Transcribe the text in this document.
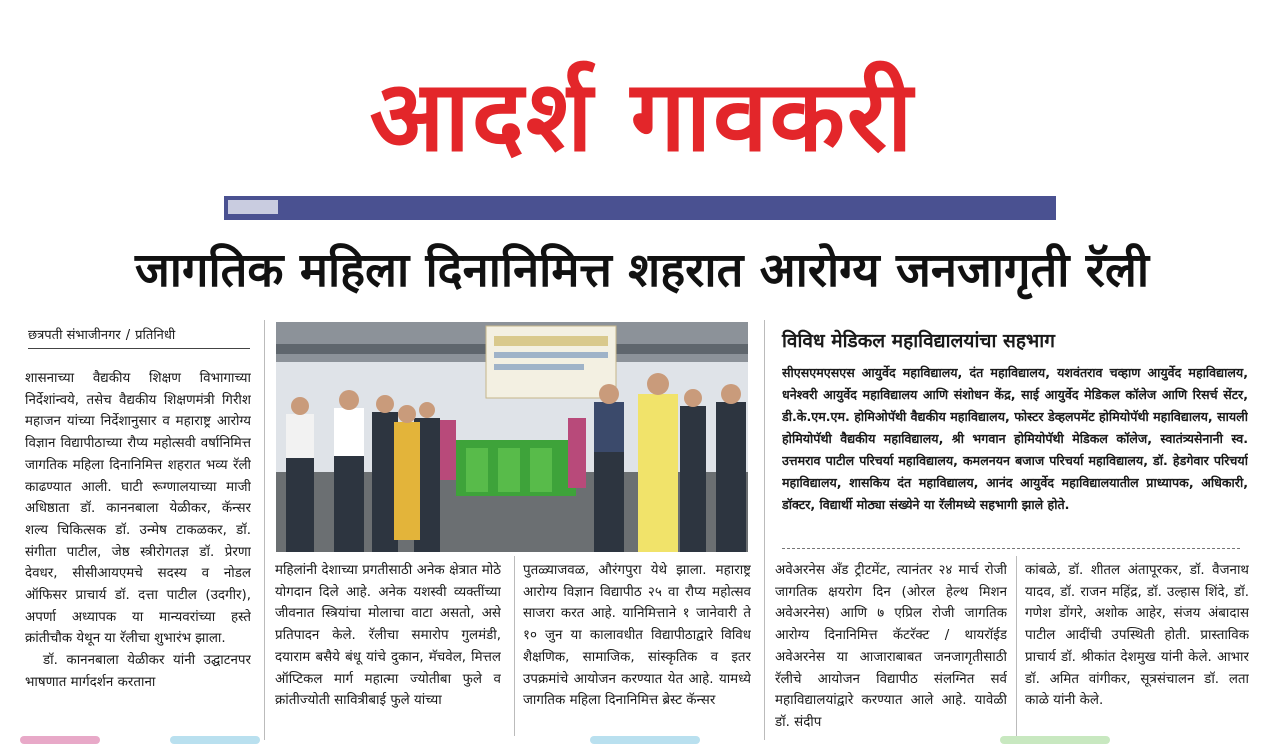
आदर्श गावकरी
जागतिक महिला दिनानिमित्त शहरात आरोग्य जनजागृती रॅली
छत्रपती संभाजीनगर / प्रतिनिधी

शासनाच्या वैद्यकीय शिक्षण विभागाच्या निर्देशांन्वये, तसेच वैद्यकीय शिक्षणमंत्री गिरीश महाजन यांच्या निर्देशानुसार व महाराष्ट्र आरोग्य विज्ञान विद्यापीठाच्या रौप्य महोत्सवी वर्षानिमित्त जागतिक महिला दिनानिमित्त शहरात भव्य रॅली काढण्यात आली. घाटी रूग्णालयाच्या माजी अधिष्ठाता डॉ. काननबाला येळीकर, कॅन्सर शल्य चिकित्सक डॉ. उन्मेष टाकळकर, डॉ. संगीता पाटील, जेष्ठ स्त्रीरोगतज्ञ डॉ. प्रेरणा देवधर, सीसीआयएमचे सदस्य व नोडल ऑफिसर प्राचार्य डॉ. दत्ता पाटील (उदगीर), अपर्णा अध्यापक या मान्यवरांच्या हस्ते क्रांतीचौक येथून या रॅलीचा शुभारंभ झाला.

डॉ. काननबाला येळीकर यांनी उद्घाटनपर भाषणात मार्गदर्शन करताना

विविध मेडिकल महाविद्यालयांचा सहभाग
सीएसएमएसएस आयुर्वेद महाविद्यालय, दंत महाविद्यालय, यशवंतराव चव्हाण आयुर्वेद महाविद्यालय, धनेश्वरी आयुर्वेद महाविद्यालय आणि संशोधन केंद्र, साई आयुर्वेद मेडिकल कॉलेज आणि रिसर्च सेंटर, डी.के.एम.एम. होमिओपॅथी वैद्यकीय महाविद्यालय, फोस्टर डेव्हलपमेंट होमियोपॅथी महाविद्यालय, सायली होमियोपॅथी वैद्यकीय महाविद्यालय, श्री भगवान होमियोपॅथी मेडिकल कॉलेज, स्वातंत्र्यसेनानी स्व. उत्तमराव पाटील परिचर्या महाविद्यालय, कमलनयन बजाज परिचर्या महाविद्यालय, डॉ. हेडगेवार परिचर्या महाविद्यालय, शासकिय दंत महाविद्यालय, आनंद आयुर्वेद महाविद्यालयातील प्राध्यापक, अधिकारी, डॉक्टर, विद्यार्थी मोठ्या संख्येने या रॅलीमध्ये सहभागी झाले होते.

महिलांनी देशाच्या प्रगतीसाठी अनेक क्षेत्रात मोठे योगदान दिले आहे. अनेक यशस्वी व्यक्तींच्या जीवनात स्त्रियांचा मोलाचा वाटा असतो, असे प्रतिपादन केले. रॅलीचा समारोप गुलमंडी, दयाराम बसैये बंधू यांचे दुकान, मॅचवेल, मित्तल ऑप्टिकल मार्ग महात्मा ज्योतीबा फुले व क्रांतीज्योती सावित्रीबाई फुले यांच्या

पुतळ्याजवळ, औरंगपुरा येथे झाला. महाराष्ट्र आरोग्य विज्ञान विद्यापीठ २५ वा रौप्य महोत्सव साजरा करत आहे. यानिमित्ताने १ जानेवारी ते १० जुन या कालावधीत विद्यापीठाद्वारे विविध शैक्षणिक, सामाजिक, सांस्कृतिक व इतर उपक्रमांचे आयोजन करण्यात येत आहे. यामध्ये जागतिक महिला दिनानिमित्त ब्रेस्ट कॅन्सर

अवेअरनेस अँड ट्रीटमेंट, त्यानंतर २४ मार्च रोजी जागतिक क्षयरोग दिन (ओरल हेल्थ मिशन अवेअरनेस) आणि ७ एप्रिल रोजी जागतिक आरोग्य दिनानिमित्त कॅटरॅक्ट / थायरॉईड अवेअरनेस या आजाराबाबत जनजागृतीसाठी रॅलीचे आयोजन विद्यापीठ संलग्नित सर्व महाविद्यालयांद्वारे करण्यात आले आहे. यावेळी डॉ. संदीप

कांबळे, डॉ. शीतल अंतापूरकर, डॉ. वैजनाथ यादव, डॉ. राजन महिंद्र, डॉ. उल्हास शिंदे, डॉ. गणेश डोंगरे, अशोक आहेर, संजय अंबादास पाटील आदींची उपस्थिती होती. प्रास्ताविक प्राचार्य डॉ. श्रीकांत देशमुख यांनी केले. आभार डॉ. अमित वांगीकर, सूत्रसंचालन डॉ. लता काळे यांनी केले.
